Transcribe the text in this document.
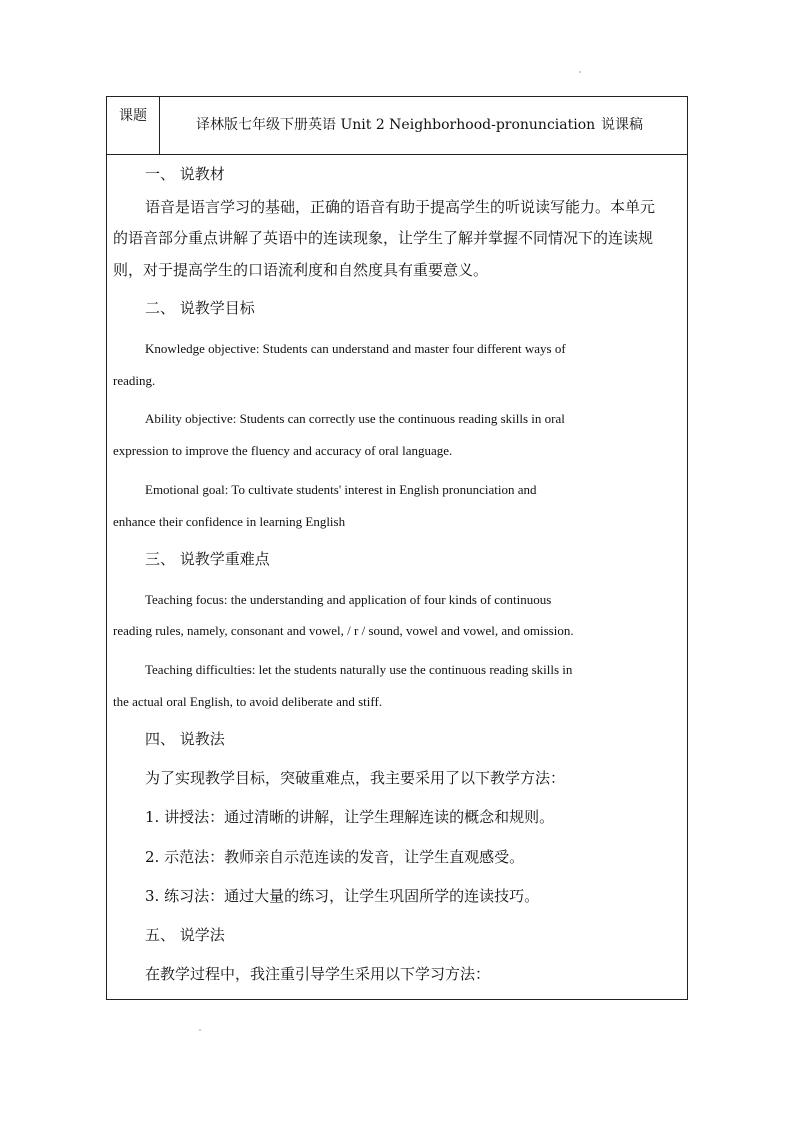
课题
译林版七年级下册英语 Unit 2 Neighborhood-pronunciation 说课稿
一、 说教材
语音是语言学习的基础，正确的语音有助于提高学生的听说读写能力。本单元
的语音部分重点讲解了英语中的连读现象，让学生了解并掌握不同情况下的连读规
则，对于提高学生的口语流利度和自然度具有重要意义。
二、 说教学目标
Knowledge objective: Students can understand and master four different ways of
reading.
Ability objective: Students can correctly use the continuous reading skills in oral
expression to improve the fluency and accuracy of oral language.
Emotional goal: To cultivate students' interest in English pronunciation and
enhance their confidence in learning English
三、 说教学重难点
Teaching focus: the understanding and application of four kinds of continuous
reading rules, namely, consonant and vowel, / r / sound, vowel and vowel, and omission.
Teaching difficulties: let the students naturally use the continuous reading skills in
the actual oral English, to avoid deliberate and stiff.
四、 说教法
为了实现教学目标，突破重难点，我主要采用了以下教学方法：
1. 讲授法：通过清晰的讲解，让学生理解连读的概念和规则。
2. 示范法：教师亲自示范连读的发音，让学生直观感受。
3. 练习法：通过大量的练习，让学生巩固所学的连读技巧。
五、 说学法
在教学过程中，我注重引导学生采用以下学习方法：
